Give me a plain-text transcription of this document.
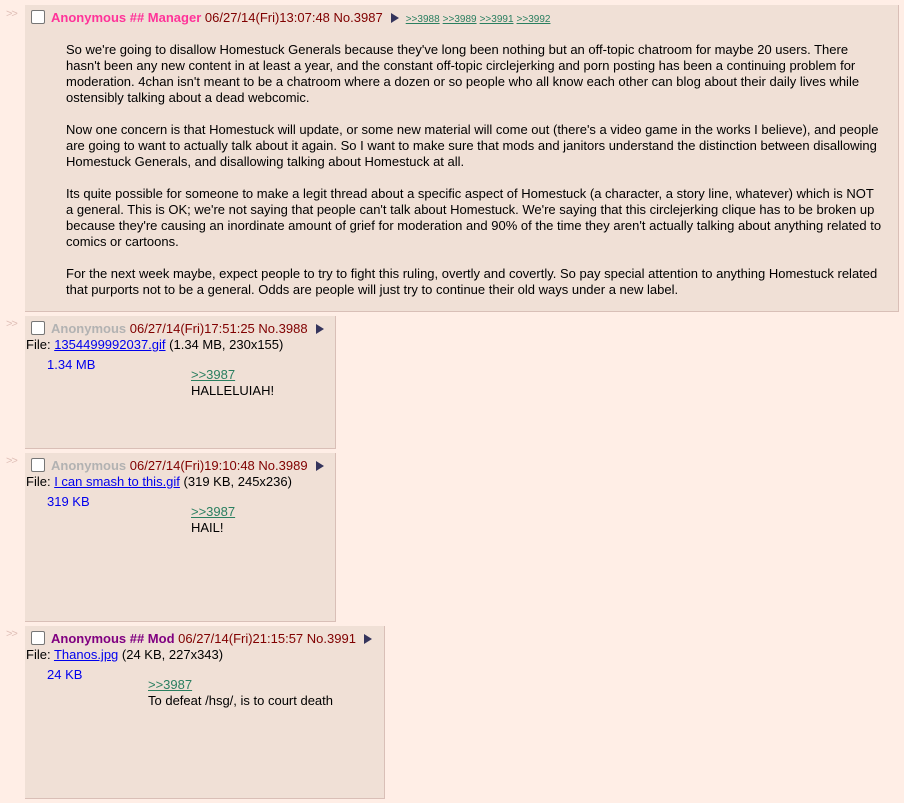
>>	Anonymous ## Manager 06/27/14(Fri)13:07:48 No.3987 >>3988 >>3989 >>3991 >>3992

So we're going to disallow Homestuck Generals because they've long been nothing but an off-topic chatroom for maybe 20 users. There hasn't been any new content in at least a year, and the constant off-topic circlejerking and porn posting has been a continuing problem for moderation. 4chan isn't meant to be a chatroom where a dozen or so people who all know each other can blog about their daily lives while ostensibly talking about a dead webcomic.

Now one concern is that Homestuck will update, or some new material will come out (there's a video game in the works I believe), and people are going to want to actually talk about it again. So I want to make sure that mods and janitors understand the distinction between disallowing Homestuck Generals, and disallowing talking about Homestuck at all.

Its quite possible for someone to make a legit thread about a specific aspect of Homestuck (a character, a story line, whatever) which is NOT a general. This is OK; we're not saying that people can't talk about Homestuck. We're saying that this circlejerking clique has to be broken up because they're causing an inordinate amount of grief for moderation and 90% of the time they aren't actually talking about anything related to comics or cartoons.

For the next week maybe, expect people to try to fight this ruling, overtly and covertly. So pay special attention to anything Homestuck related that purports not to be a general. Odds are people will just try to continue their old ways under a new label.

>>	Anonymous 06/27/14(Fri)17:51:25 No.3988
File: 1354499992037.gif (1.34 MB, 230x155)
1.34 MB
>>3987
HALLELUIAH!
>>	Anonymous 06/27/14(Fri)19:10:48 No.3989
File: I can smash to this.gif (319 KB, 245x236)
319 KB
>>3987
HAIL!
>>	Anonymous ## Mod 06/27/14(Fri)21:15:57 No.3991
File: Thanos.jpg (24 KB, 227x343)
24 KB
>>3987
To defeat /hsg/, is to court death
